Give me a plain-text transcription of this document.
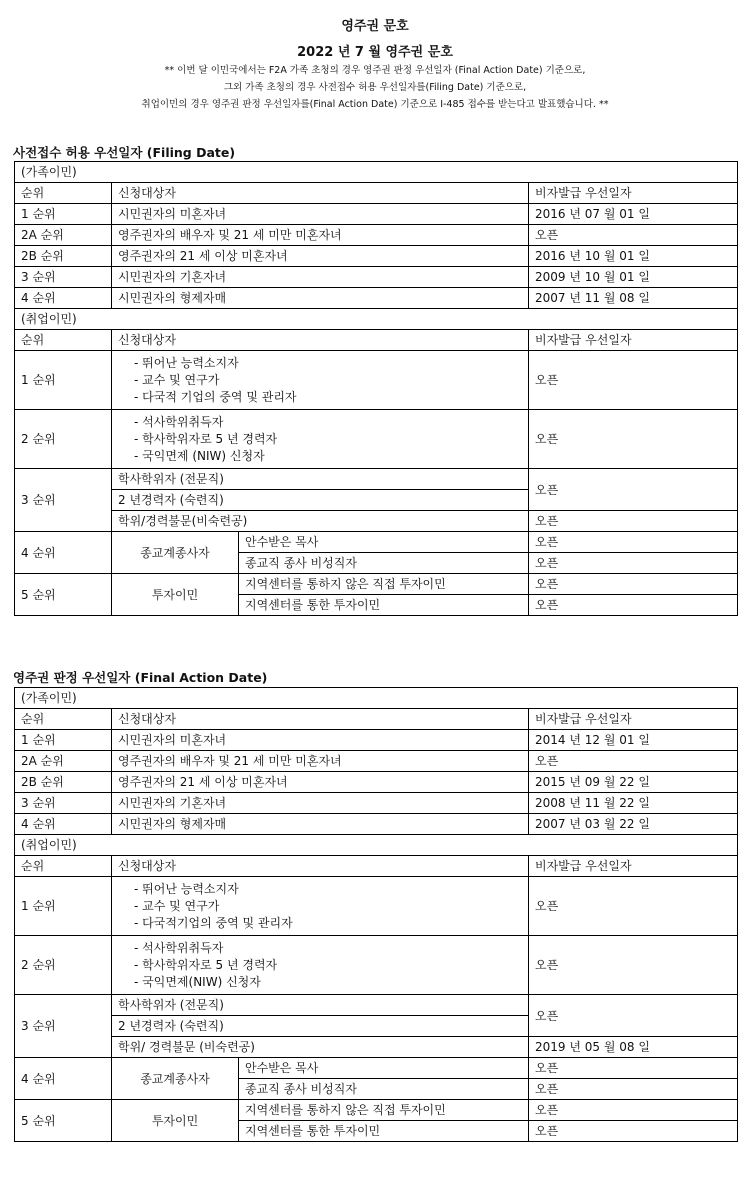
영주권 문호
2022 년 7 월 영주권 문호
** 이번 달 이민국에서는 F2A 가족 초청의 경우 영주권 판정 우선일자 (Final Action Date) 기준으로,
그외 가족 초청의 경우 사전접수 허용 우선일자를(Filing Date) 기준으로,
취업이민의 경우 영주권 판정 우선일자를(Final Action Date) 기준으로 I-485 접수를 받는다고 발표했습니다. **
사전접수 허용 우선일자 (Filing Date)
영주권 판정 우선일자 (Final Action Date)
(가족이민)			
순위	신청대상자		비자발급 우선일자
1 순위	시민권자의 미혼자녀		2016 년 07 월 01 일
2A 순위	영주권자의 배우자 및 21 세 미만 미혼자녀		오픈
2B 순위	영주권자의 21 세 이상 미혼자녀		2016 년 10 월 01 일
3 순위	시민권자의 기혼자녀		2009 년 10 월 01 일
4 순위	시민권자의 형제자매		2007 년 11 월 08 일
(취업이민)			
순위	신청대상자		비자발급 우선일자
1 순위	- 뛰어난 능력소지자
- 교수 및 연구가
- 다국적 기업의 중역 및 관리자		오픈
2 순위	- 석사학위취득자
- 학사학위자로 5 년 경력자
- 국익면제 (NIW) 신청자		오픈
3 순위	학사학위자 (전문직)		오픈
	2 년경력자 (숙련직)		
	학위/경력불문(비숙련공)		오픈
4 순위	종교계종사자	안수받은 목사	오픈
		종교직 종사 비성직자	오픈
5 순위	투자이민	지역센터를 통하지 않은 직접 투자이민	오픈
		지역센터를 통한 투자이민	오픈
(가족이민)			
순위	신청대상자		비자발급 우선일자
1 순위	시민권자의 미혼자녀		2014 년 12 월 01 일
2A 순위	영주권자의 배우자 및 21 세 미만 미혼자녀		오픈
2B 순위	영주권자의 21 세 이상 미혼자녀		2015 년 09 월 22 일
3 순위	시민권자의 기혼자녀		2008 년 11 월 22 일
4 순위	시민권자의 형제자매		2007 년 03 월 22 일
(취업이민)			
순위	신청대상자		비자발급 우선일자
1 순위	- 뛰어난 능력소지자
- 교수 및 연구가
- 다국적기업의 중역 및 관리자		오픈
2 순위	- 석사학위취득자
- 학사학위자로 5 년 경력자
- 국익면제(NIW) 신청자		오픈
3 순위	학사학위자 (전문직)		오픈
	2 년경력자 (숙련직)		
	학위/ 경력불문 (비숙련공)		2019 년 05 월 08 일
4 순위	종교계종사자	안수받은 목사	오픈
		종교직 종사 비성직자	오픈
5 순위	투자이민	지역센터를 통하지 않은 직접 투자이민	오픈
		지역센터를 통한 투자이민	오픈
